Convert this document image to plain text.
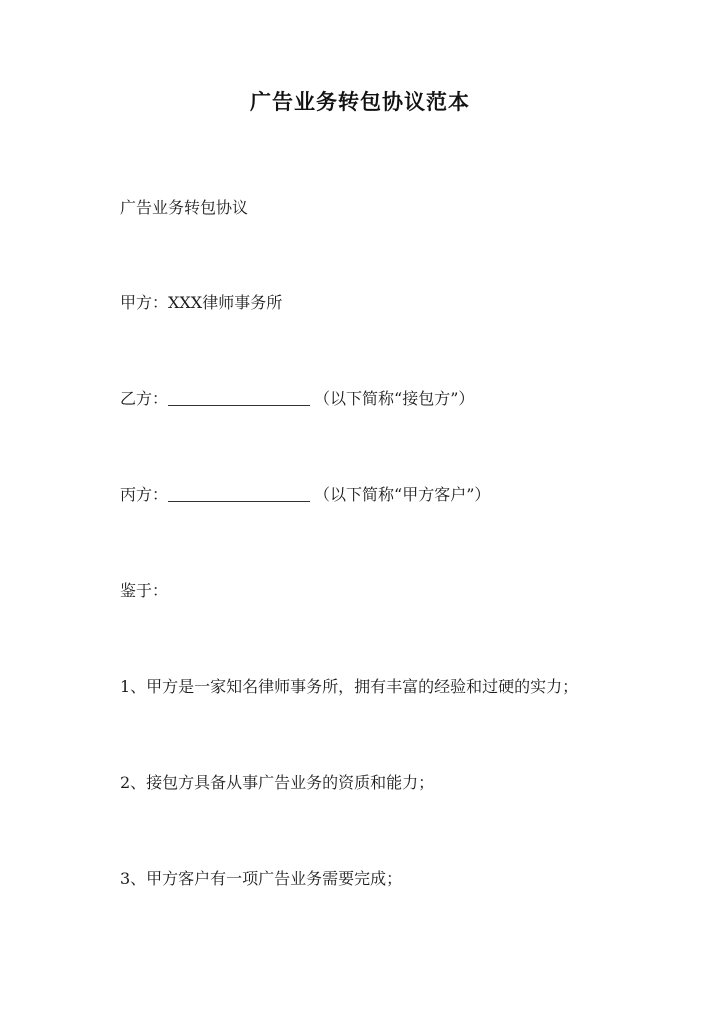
广告业务转包协议范本
广告业务转包协议
甲方：XXX律师事务所
乙方：	（以下简称“接包方”）
丙方：	（以下简称“甲方客户”）
鉴于：
1、甲方是一家知名律师事务所，拥有丰富的经验和过硬的实力；
2、接包方具备从事广告业务的资质和能力；
3、甲方客户有一项广告业务需要完成；
